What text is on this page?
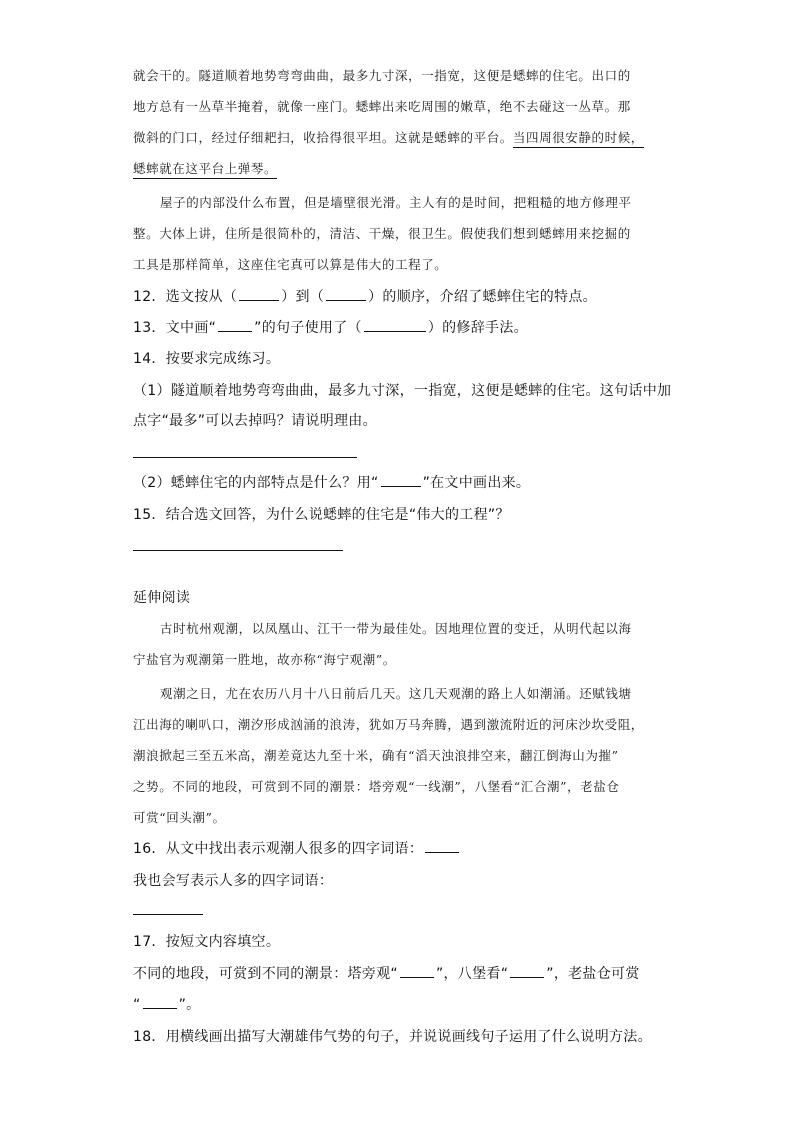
就会干的。隧道顺着地势弯弯曲曲，最多九寸深，一指宽，这便是蟋蟀的住宅。出口的
地方总有一丛草半掩着，就像一座门。蟋蟀出来吃周围的嫩草，绝不去碰这一丛草。那
微斜的门口，经过仔细耙扫，收拾得很平坦。这就是蟋蟀的平台。当四周很安静的时候，
蟋蟀就在这平台上弹琴。
屋子的内部没什么布置，但是墙壁很光滑。主人有的是时间，把粗糙的地方修理平
整。大体上讲，住所是很简朴的，清洁、干燥，很卫生。假使我们想到蟋蟀用来挖掘的
工具是那样简单，这座住宅真可以算是伟大的工程了。
12．选文按从（	）到（	）的顺序，介绍了蟋蟀住宅的特点。
13．文中画“	”的句子使用了（	）的修辞手法。
14．按要求完成练习。
（1）隧道顺着地势弯弯曲曲，最多九寸深，一指宽，这便是蟋蟀的住宅。这句话中加
点字“最多”可以去掉吗？请说明理由。
（2）蟋蟀住宅的内部特点是什么？用“	”在文中画出来。
15．结合选文回答，为什么说蟋蟀的住宅是“伟大的工程”？
延伸阅读
古时杭州观潮，以凤凰山、江干一带为最佳处。因地理位置的变迁，从明代起以海
宁盐官为观潮第一胜地，故亦称“海宁观潮”。
观潮之日，尤在农历八月十八日前后几天。这几天观潮的路上人如潮涌。还赋钱塘
江出海的喇叭口，潮汐形成汹涌的浪涛，犹如万马奔腾，遇到激流附近的河床沙坎受阻，
潮浪掀起三至五米高，潮差竟达九至十米，确有“滔天浊浪排空来，翻江倒海山为摧”
之势。不同的地段，可赏到不同的潮景：塔旁观“一线潮”，八堡看“汇合潮”，老盐仓
可赏“回头潮”。
16．从文中找出表示观潮人很多的四字词语：
我也会写表示人多的四字词语：
17．按短文内容填空。
不同的地段，可赏到不同的潮景：塔旁观“	”，八堡看“	”，老盐仓可赏
“	”。
18．用横线画出描写大潮雄伟气势的句子，并说说画线句子运用了什么说明方法。
